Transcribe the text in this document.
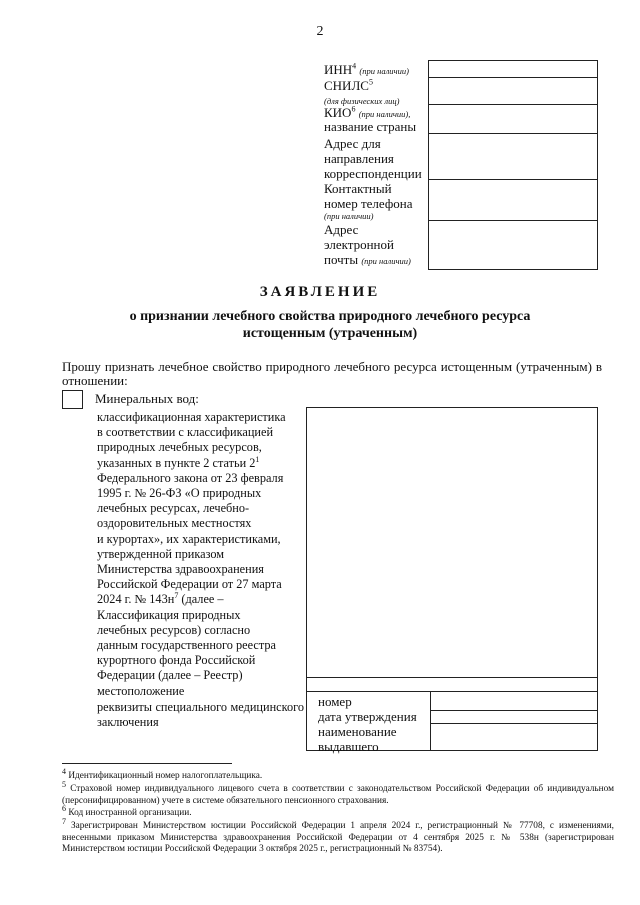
2
ИНН$^4$ (при наличии)
СНИЛС$^5$
(для физических лиц)
КИО$^6$ (при наличии),
название страны
Адрес для
направления
корреспонденции
Контактный
номер телефона
(при наличии)
Адрес
электронной
почты (при наличии)
ЗАЯВЛЕНИЕ
о признании лечебного свойства природного лечебного ресурса
истощенным (утраченным)
Прошу признать лечебное свойство природного лечебного ресурса истощенным (утраченным) в отношении:
Минеральных вод:
классификационная характеристика
в соответствии с классификацией
природных лечебных ресурсов,
указанных в пункте 2 статьи $2^1$
Федерального закона от 23 февраля
1995 г. № 26-ФЗ «О природных
лечебных ресурсах, лечебно-
оздоровительных местностях
и курортах», их характеристиками,
утвержденной приказом
Министерства здравоохранения
Российской Федерации от 27 марта
2024 г. № $143н^7$ (далее –
Классификация природных
лечебных ресурсов) согласно
данным государственного реестра
курортного фонда Российской
Федерации (далее – Реестр)
местоположение
реквизиты специального медицинского заключения
номер
дата утверждения
наименование выдавшего
$^4$ Идентификационный номер налогоплательщика.
$^5$ Страховой номер индивидуального лицевого счета в соответствии с законодательством Российской Федерации об индивидуальном (персонифицированном) учете в системе обязательного пенсионного страхования.
$^6$ Код иностранной организации.
$^7$ Зарегистрирован Министерством юстиции Российской Федерации 1 апреля 2024 г., регистрационный № 77708, с изменениями, внесенными приказом Министерства здравоохранения Российской Федерации от 4 сентября 2025 г. № 538н (зарегистрирован Министерством юстиции Российской Федерации 3 октября 2025 г., регистрационный № 83754).
